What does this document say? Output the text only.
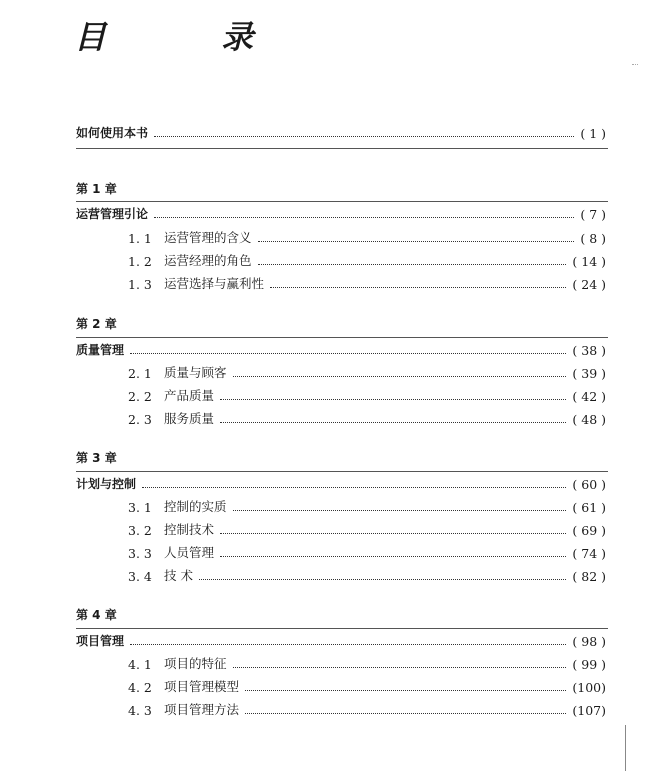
目 录
如何使用本书	( 1 )
第 1 章
运营管理引论	( 7 )
1. 1 运营管理的含义	( 8 )
1. 2 运营经理的角色	( 14 )
1. 3 运营选择与赢利性	( 24 )
第 2 章
质量管理	( 38 )
2. 1 质量与顾客	( 39 )
2. 2 产品质量	( 42 )
2. 3 服务质量	( 48 )
第 3 章
计划与控制	( 60 )
3. 1 控制的实质	( 61 )
3. 2 控制技术	( 69 )
3. 3 人员管理	( 74 )
3. 4 技 术	( 82 )
第 4 章
项目管理	( 98 )
4. 1 项目的特征	( 99 )
4. 2 项目管理模型	(100)
4. 3 项目管理方法	(107)
